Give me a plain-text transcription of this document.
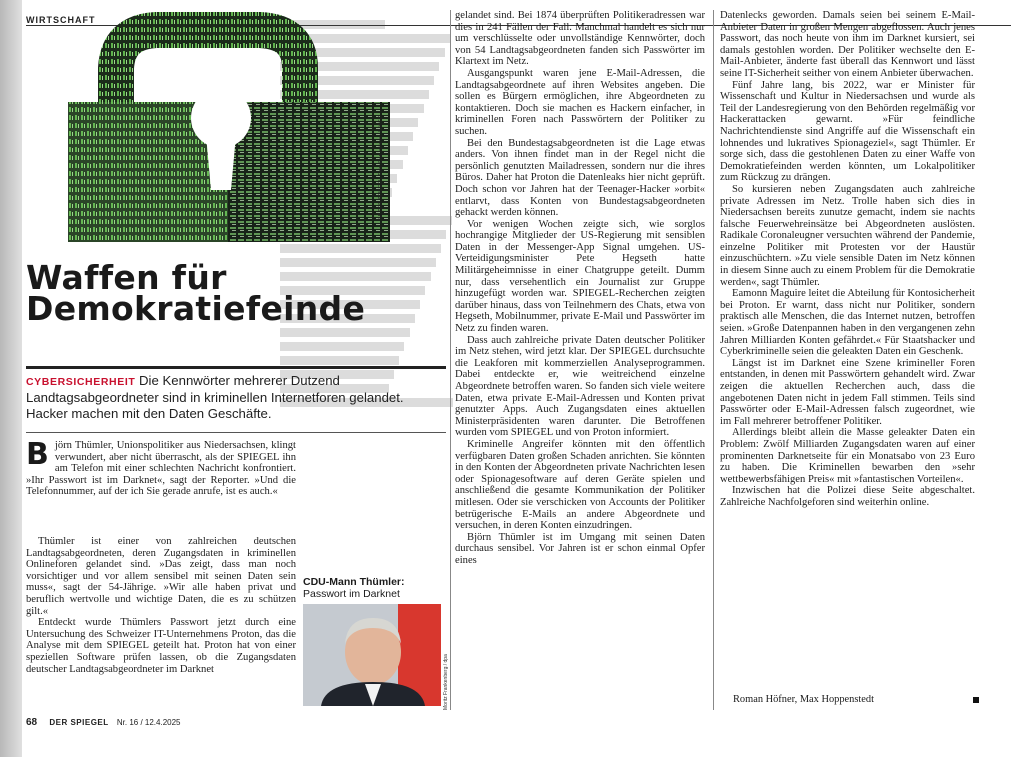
WIRTSCHAFT
[M] DER SPIEGEL; Foto: Dan Istitene / IMAGO
Waffen für Demokratiefeinde
CYBERSICHERHEIT Die Kennwörter mehrerer Dutzend Landtagsabgeordneter sind in kriminellen Internetforen gelandet. Hacker machen mit den Daten Geschäfte.
B jörn Thümler, Unionspolitiker aus Niedersachsen, klingt verwundert, aber nicht überrascht, als der SPIEGEL ihn am Telefon mit einer schlechten Nachricht konfrontiert. »Ihr Passwort ist im Darknet«, sagt der Reporter. »Und die Telefonnummer, auf der ich Sie gerade anrufe, ist es auch.«

Thümler ist einer von zahlreichen deutschen Landtagsabgeordneten, deren Zugangsdaten in kriminellen Onlineforen gelandet sind. »Das zeigt, dass man noch vorsichtiger und vor allem sensibel mit seinen Daten sein muss«, sagt der 54-Jährige. »Wir alle haben privat und beruflich wertvolle und wichtige Daten, die es zu schützen gilt.«

Entdeckt wurde Thümlers Passwort jetzt durch eine Untersuchung des Schweizer IT-Unternehmens Proton, das die Analyse mit dem SPIEGEL geteilt hat. Proton hat von einer speziellen Software prüfen lassen, ob die Zugangsdaten deutscher Landtagsabgeordneter im Darknet

CDU-Mann Thümler:
Passwort im Darknet
Moritz Frankenberg / dpa

gelandet sind. Bei 1874 überprüften Politikeradressen war dies in 241 Fällen der Fall. Manchmal handelt es sich nur um verschlüsselte oder unvollständige Kennwörter, doch von 54 Landtagsabgeordneten fanden sich Passwörter im Klartext im Netz.

Ausgangspunkt waren jene E-Mail-Adressen, die Landtagsabgeordnete auf ihren Websites angeben. Die sollen es Bürgern ermöglichen, ihre Abgeordneten zu kontaktieren. Doch sie machen es Hackern einfacher, in kriminellen Foren nach Passwörtern der Politiker zu suchen.

Bei den Bundestagsabgeordneten ist die Lage etwas anders. Von ihnen findet man in der Regel nicht die persönlich genutzten Mailadressen, sondern nur die ihres Büros. Daher hat Proton die Datenleaks hier nicht geprüft. Doch schon vor Jahren hat der Teenager-Hacker »orbit« entlarvt, dass Konten von Bundestagsabgeordneten gehackt werden können.

Vor wenigen Wochen zeigte sich, wie sorglos hochrangige Mitglieder der US-Regierung mit sensiblen Daten in der Messenger-App Signal umgehen. US-Verteidigungsminister Pete Hegseth hatte Militärgeheimnisse in einer Chatgruppe geteilt. Dumm nur, dass versehentlich ein Journalist zur Gruppe hinzugefügt worden war. SPIEGEL-Recherchen zeigten darüber hinaus, dass von Teilnehmern des Chats, etwa von Hegseth, Mobilnummer, private E-Mail und Passwörter im Netz zu finden waren.

Dass auch zahlreiche private Daten deutscher Politiker im Netz stehen, wird jetzt klar. Der SPIEGEL durchsuchte die Leakforen mit kommerziellen Analyseprogrammen. Dabei entdeckte er, wie weitreichend einzelne Abgeordnete betroffen waren. So fanden sich viele weitere Daten, etwa private E-Mail-Adressen und Konten privat genutzter Apps. Auch Zugangsdaten eines aktuellen Ministerpräsidenten waren darunter. Die Betroffenen wurden vom SPIEGEL und von Proton informiert.

Kriminelle Angreifer könnten mit den öffentlich verfügbaren Daten großen Schaden anrichten. Sie könnten in den Konten der Abgeordneten private Nachrichten lesen oder Spionagesoftware auf deren Geräte spielen und anschließend die gesamte Kommunikation der Politiker mitlesen. Oder sie verschicken von Accounts der Politiker betrügerische E-Mails an andere Abgeordnete und versuchen, in deren Konten einzudringen.

Björn Thümler ist im Umgang mit seinen Daten durchaus sensibel. Vor Jahren ist er schon einmal Opfer eines

Datenlecks geworden. Damals seien bei seinem E-Mail-Anbieter Daten in großen Mengen abgeflossen. Auch jenes Passwort, das noch heute von ihm im Darknet kursiert, sei damals gestohlen worden. Der Politiker wechselte den E-Mail-Anbieter, änderte fast überall das Kennwort und lässt seine IT-Sicherheit seither von einem Anbieter überwachen.

Fünf Jahre lang, bis 2022, war er Minister für Wissenschaft und Kultur in Niedersachsen und wurde als Teil der Landesregierung von den Behörden regelmäßig vor Hackerattacken gewarnt. »Für feindliche Nachrichtendienste sind Angriffe auf die Wissenschaft ein lohnendes und lukratives Spionageziel«, sagt Thümler. Er sorge sich, dass die gestohlenen Daten zu einer Waffe von Demokratiefeinden werden könnten, um Lokalpolitiker zum Rückzug zu drängen.

So kursieren neben Zugangsdaten auch zahlreiche private Adressen im Netz. Trolle haben sich dies in Niedersachsen bereits zunutze gemacht, indem sie nachts falsche Feuerwehreinsätze bei Abgeordneten auslösten. Radikale Coronaleugner versuchten während der Pandemie, einzelne Politiker mit Protesten vor der Haustür einzuschüchtern. »Zu viele sensible Daten im Netz können in diesem Sinne auch zu einem Problem für die Demokratie werden«, sagt Thümler.

Eamonn Maguire leitet die Abteilung für Kontosicherheit bei Proton. Er warnt, dass nicht nur Politiker, sondern praktisch alle Menschen, die das Internet nutzen, betroffen seien. »Große Datenpannen haben in den vergangenen zehn Jahren Milliarden Konten gefährdet.« Für Staatshacker und Cyberkriminelle seien die geleakten Daten ein Geschenk.

Längst ist im Darknet eine Szene krimineller Foren entstanden, in denen mit Passwörtern gehandelt wird. Zwar zeigen die aktuellen Recherchen auch, dass die angebotenen Daten nicht in jedem Fall stimmen. Teils sind Passwörter oder E-Mail-Adressen falsch zugeordnet, wie im Fall mehrerer betroffener Politiker.

Allerdings bleibt allein die Masse geleakter Daten ein Problem: Zwölf Milliarden Zugangsdaten waren auf einer prominenten Darknetseite für ein Monatsabo von 23 Euro zu haben. Die Kriminellen bewarben den »sehr wettbewerbsfähigen Preis« mit »fantastischen Vorteilen«.

Inzwischen hat die Polizei diese Seite abgeschaltet. Zahlreiche Nachfolgeforen sind weiterhin online.

Roman Höfner, Max Hoppenstedt
68 DER SPIEGEL Nr. 16 / 12.4.2025
